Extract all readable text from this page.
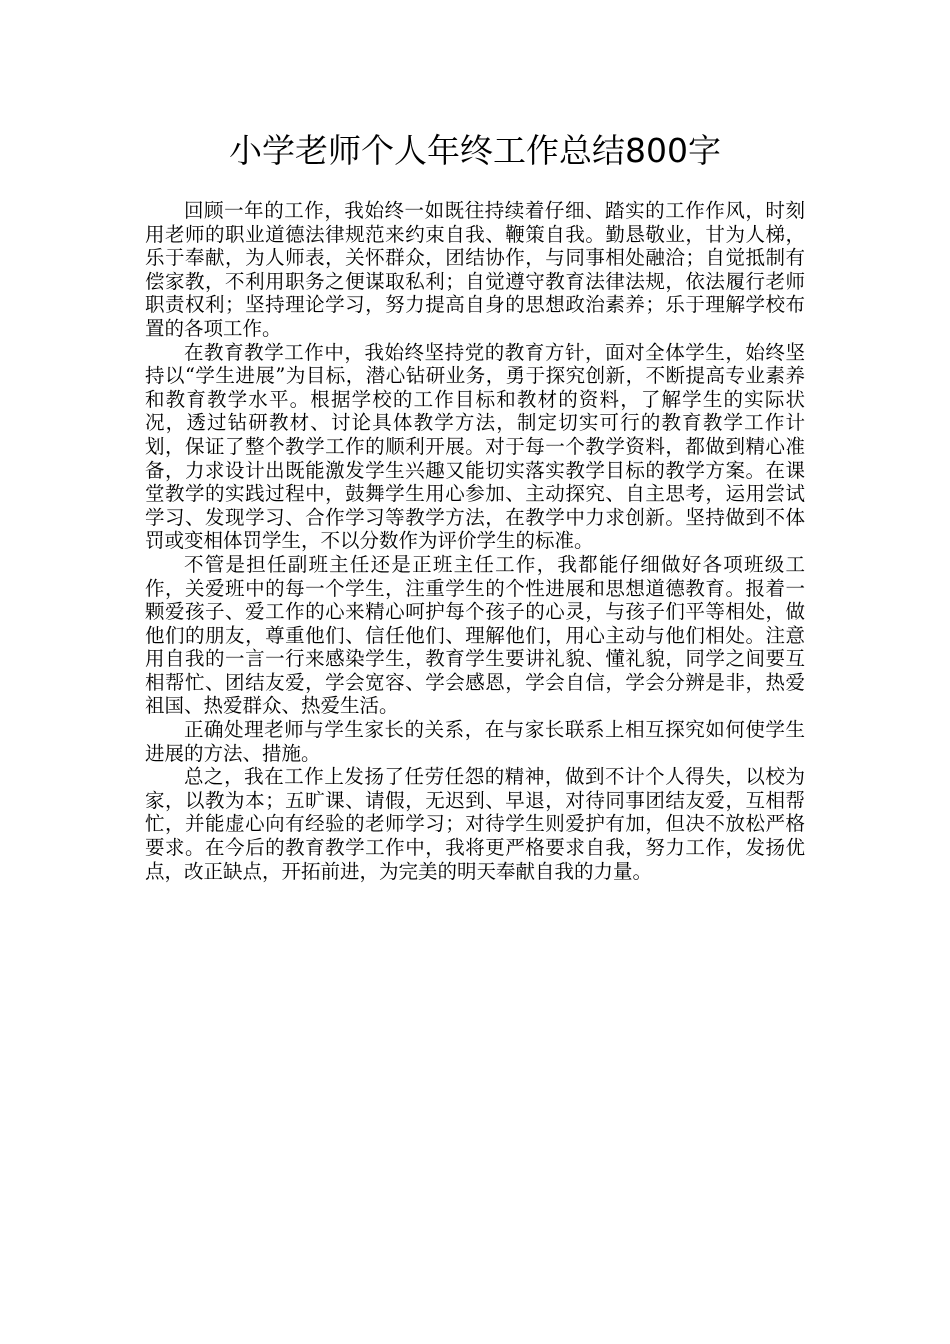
小学老师个人年终工作总结800字

回顾一年的工作，我始终一如既往持续着仔细、踏实的工作作风，时刻用老师的职业道德法律规范来约束自我、鞭策自我。勤恳敬业，甘为人梯，乐于奉献，为人师表，关怀群众，团结协作，与同事相处融洽；自觉抵制有偿家教，不利用职务之便谋取私利；自觉遵守教育法律法规，依法履行老师职责权利；坚持理论学习，努力提高自身的思想政治素养；乐于理解学校布置的各项工作。

在教育教学工作中，我始终坚持党的教育方针，面对全体学生，始终坚持以“学生进展”为目标，潜心钻研业务，勇于探究创新，不断提高专业素养和教育教学水平。根据学校的工作目标和教材的资料，了解学生的实际状况，透过钻研教材、讨论具体教学方法，制定切实可行的教育教学工作计划，保证了整个教学工作的顺利开展。对于每一个教学资料，都做到精心准备，力求设计出既能激发学生兴趣又能切实落实教学目标的教学方案。在课堂教学的实践过程中，鼓舞学生用心参加、主动探究、自主思考，运用尝试学习、发现学习、合作学习等教学方法，在教学中力求创新。坚持做到不体罚或变相体罚学生，不以分数作为评价学生的标准。

不管是担任副班主任还是正班主任工作，我都能仔细做好各项班级工作，关爱班中的每一个学生，注重学生的个性进展和思想道德教育。报着一颗爱孩子、爱工作的心来精心呵护每个孩子的心灵，与孩子们平等相处，做他们的朋友，尊重他们、信任他们、理解他们，用心主动与他们相处。注意用自我的一言一行来感染学生，教育学生要讲礼貌、懂礼貌，同学之间要互相帮忙、团结友爱，学会宽容、学会感恩，学会自信，学会分辨是非，热爱祖国、热爱群众、热爱生活。

正确处理老师与学生家长的关系，在与家长联系上相互探究如何使学生进展的方法、措施。

总之，我在工作上发扬了任劳任怨的精神，做到不计个人得失，以校为家，以教为本；五旷课、请假，无迟到、早退，对待同事团结友爱，互相帮忙，并能虚心向有经验的老师学习；对待学生则爱护有加，但决不放松严格要求。在今后的教育教学工作中，我将更严格要求自我，努力工作，发扬优点，改正缺点，开拓前进，为完美的明天奉献自我的力量。
